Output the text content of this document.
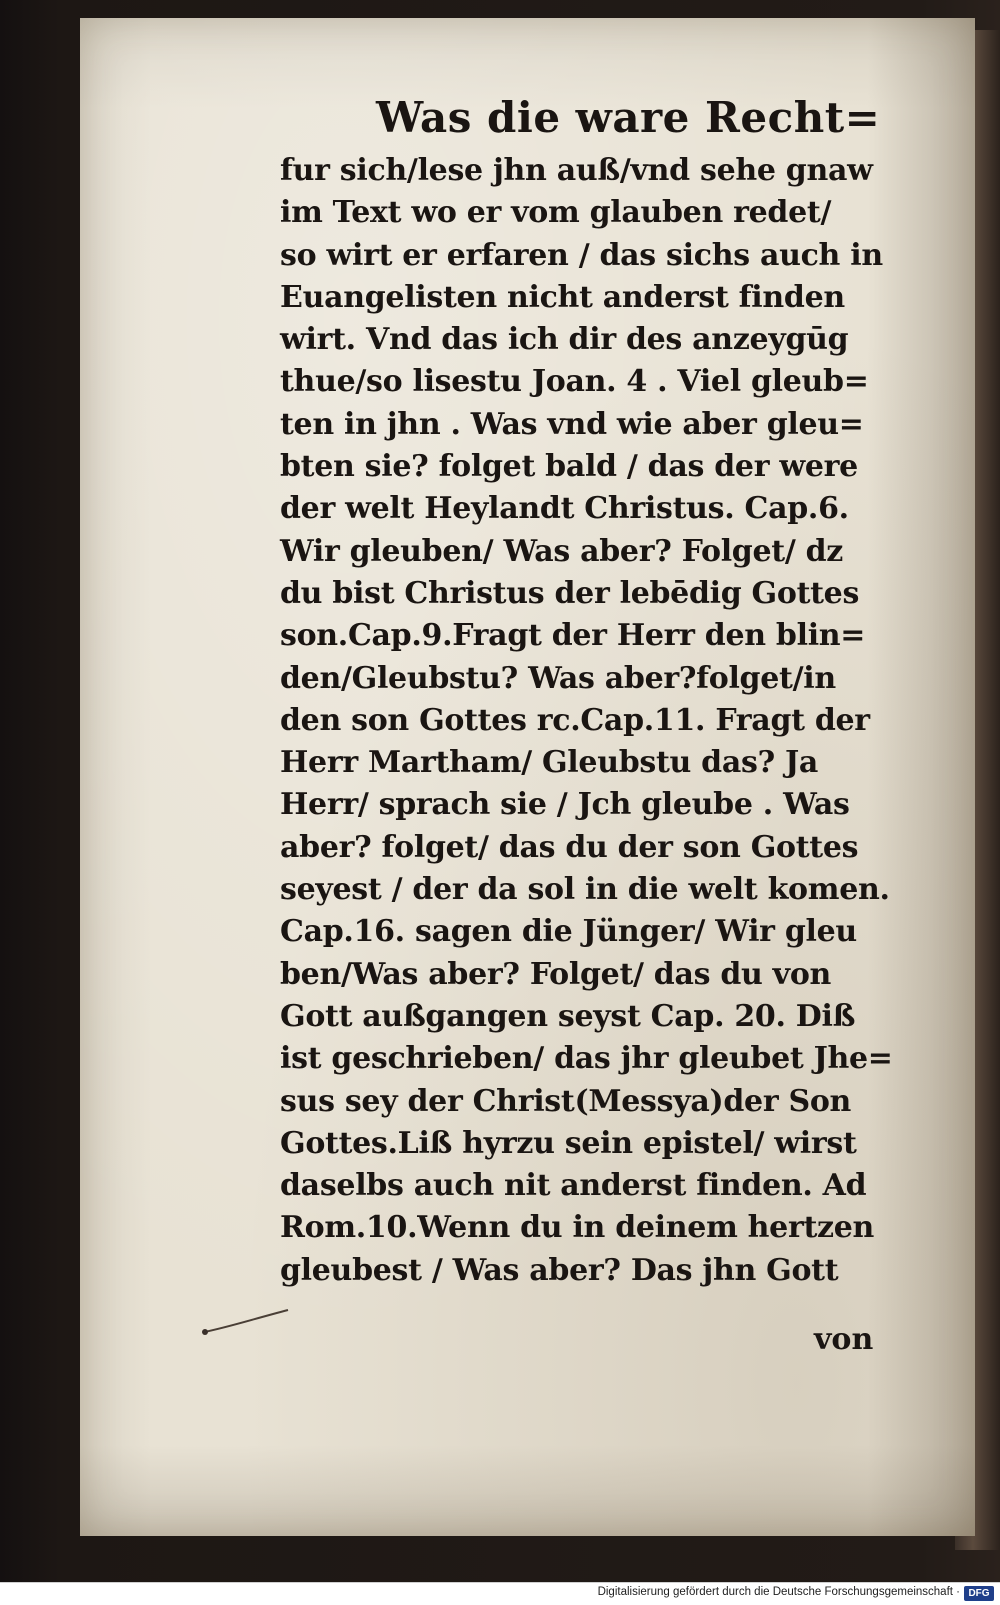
Was die ware Recht=
fur sich/lese jhn auß/vnd sehe gnaw
im Text wo er vom glauben redet/
so wirt er erfaren / das sichs auch in
Euangelisten nicht anderst finden
wirt. Vnd das ich dir des anzeygūg
thue/so lisestu Joan. 4 . Viel gleub=
ten in jhn . Was vnd wie aber gleu=
bten sie? folget bald / das der were
der welt Heylandt Christus. Cap.6.
Wir gleuben/ Was aber? Folget/ dz
du bist Christus der lebēdig Gottes
son.Cap.9.Fragt der Herr den blin=
den/Gleubstu? Was aber?folget/in
den son Gottes rc.Cap.11. Fragt der
Herr Martham/ Gleubstu das? Ja
Herr/ sprach sie / Jch gleube . Was
aber? folget/ das du der son Gottes
seyest / der da sol in die welt komen.
Cap.16. sagen die Jünger/ Wir gleu
ben/Was aber? Folget/ das du von
Gott außgangen seyst Cap. 20. Diß
ist geschrieben/ das jhr gleubet Jhe=
sus sey der Christ(Messya)der Son
Gottes.Liß hyrzu sein epistel/ wirst
daselbs auch nit anderst finden. Ad
Rom.10.Wenn du in deinem hertzen
gleubest / Was aber? Das jhn Gott
von
Digitalisierung gefördert durch die Deutsche Forschungsgemeinschaft · DFG
